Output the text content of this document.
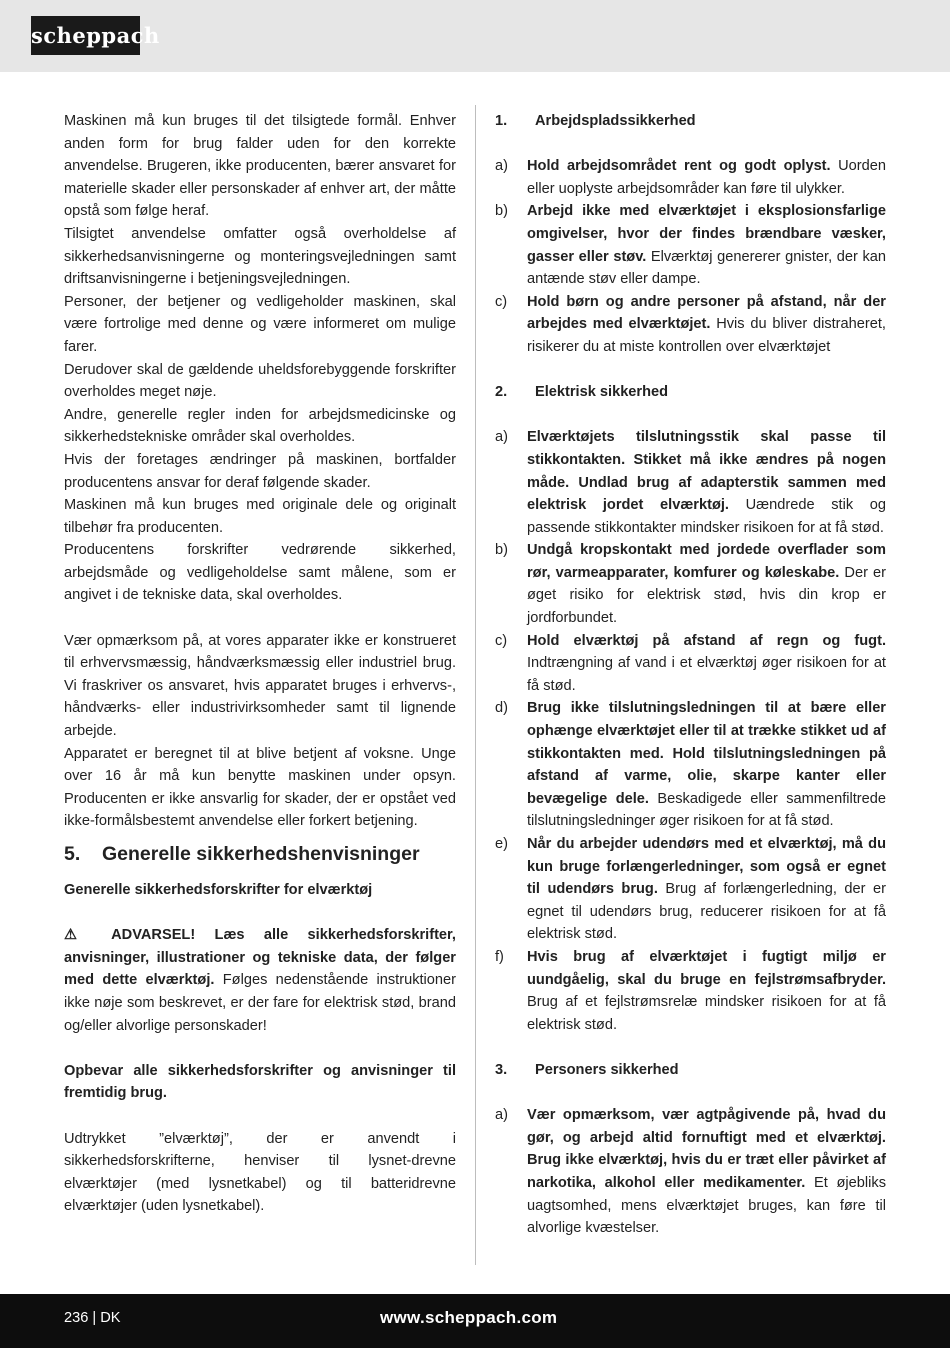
scheppach

Maskinen må kun bruges til det tilsigtede formål. Enhver anden form for brug falder uden for den korrekte anvendelse. Brugeren, ikke producenten, bærer ansvaret for materielle skader eller personskader af enhver art, der måtte opstå som følge heraf.

Tilsigtet anvendelse omfatter også overholdelse af sikkerhedsanvisningerne og monteringsvejledningen samt driftsanvisningerne i betjeningsvejledningen.

Personer, der betjener og vedligeholder maskinen, skal være fortrolige med denne og være informeret om mulige farer.

Derudover skal de gældende uheldsforebyggende forskrifter overholdes meget nøje.

Andre, generelle regler inden for arbejdsmedicinske og sikkerhedstekniske områder skal overholdes.

Hvis der foretages ændringer på maskinen, bortfalder producentens ansvar for deraf følgende skader.

Maskinen må kun bruges med originale dele og originalt tilbehør fra producenten.

Producentens forskrifter vedrørende sikkerhed, arbejdsmåde og vedligeholdelse samt målene, som er angivet i de tekniske data, skal overholdes.

Vær opmærksom på, at vores apparater ikke er konstrueret til erhvervsmæssig, håndværksmæssig eller industriel brug. Vi fraskriver os ansvaret, hvis apparatet bruges i erhvervs-, håndværks- eller industrivirksomheder samt til lignende arbejde.

Apparatet er beregnet til at blive betjent af voksne. Unge over 16 år må kun benytte maskinen under opsyn. Producenten er ikke ansvarlig for skader, der er opstået ved ikke-formålsbestemt anvendelse eller forkert betjening.

5. Generelle sikkerhedshenvisninger

Generelle sikkerhedsforskrifter for elværktøj

⚠ ADVARSEL! Læs alle sikkerhedsforskrifter, anvisninger, illustrationer og tekniske data, der følger med dette elværktøj. Følges nedenstående instruktioner ikke nøje som beskrevet, er der fare for elektrisk stød, brand og/eller alvorlige personskader!

Opbevar alle sikkerhedsforskrifter og anvisninger til fremtidig brug.

Udtrykket ”elværktøj”, der er anvendt i sikkerhedsforskrifterne, henviser til lysnet-drevne elværktøjer (med lysnetkabel) og til batteridrevne elværktøjer (uden lysnetkabel).

1. Arbejdspladssikkerhed

a)	Hold arbejdsområdet rent og godt oplyst. Uorden eller uoplyste arbejdsområder kan føre til ulykker.
b)	Arbejd ikke med elværktøjet i eksplosionsfarlige omgivelser, hvor der findes brændbare væsker, gasser eller støv. Elværktøj genererer gnister, der kan antænde støv eller dampe.
c)	Hold børn og andre personer på afstand, når der arbejdes med elværktøjet. Hvis du bliver distraheret, risikerer du at miste kontrollen over elværktøjet

2. Elektrisk sikkerhed

a)	Elværktøjets tilslutningsstik skal passe til stikkontakten. Stikket må ikke ændres på nogen måde. Undlad brug af adapterstik sammen med elektrisk jordet elværktøj. Uændrede stik og passende stikkontakter mindsker risikoen for at få stød.
b)	Undgå kropskontakt med jordede overflader som rør, varmeapparater, komfurer og køleskabe. Der er øget risiko for elektrisk stød, hvis din krop er jordforbundet.
c)	Hold elværktøj på afstand af regn og fugt. Indtrængning af vand i et elværktøj øger risikoen for at få stød.
d)	Brug ikke tilslutningsledningen til at bære eller ophænge elværktøjet eller til at trække stikket ud af stikkontakten med. Hold tilslutningsledningen på afstand af varme, olie, skarpe kanter eller bevægelige dele. Beskadigede eller sammenfiltrede tilslutningsledninger øger risikoen for at få stød.
e)	Når du arbejder udendørs med et elværktøj, må du kun bruge forlængerledninger, som også er egnet til udendørs brug. Brug af forlængerledning, der er egnet til udendørs brug, reducerer risikoen for at få elektrisk stød.
f)	Hvis brug af elværktøjet i fugtigt miljø er uundgåelig, skal du bruge en fejlstrømsafbryder. Brug af et fejlstrømsrelæ mindsker risikoen for at få elektrisk stød.

3. Personers sikkerhed

a)	Vær opmærksom, vær agtpågivende på, hvad du gør, og arbejd altid fornuftigt med et elværktøj. Brug ikke elværktøj, hvis du er træt eller påvirket af narkotika, alkohol eller medikamenter. Et øjebliks uagtsomhed, mens elværktøjet bruges, kan føre til alvorlige kvæstelser.
236 | DK	www.scheppach.com
